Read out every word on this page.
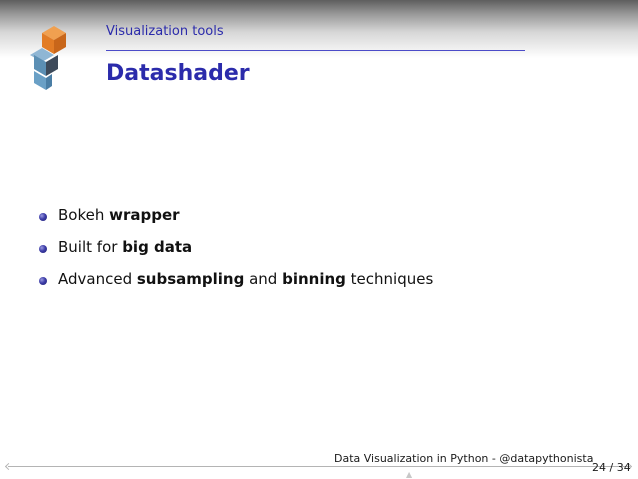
Visualization tools
Datashader
Bokeh wrapper
Built for big data
Advanced subsampling and binning techniques
Data Visualization in Python - @datapythonista
▲
24 / 34
